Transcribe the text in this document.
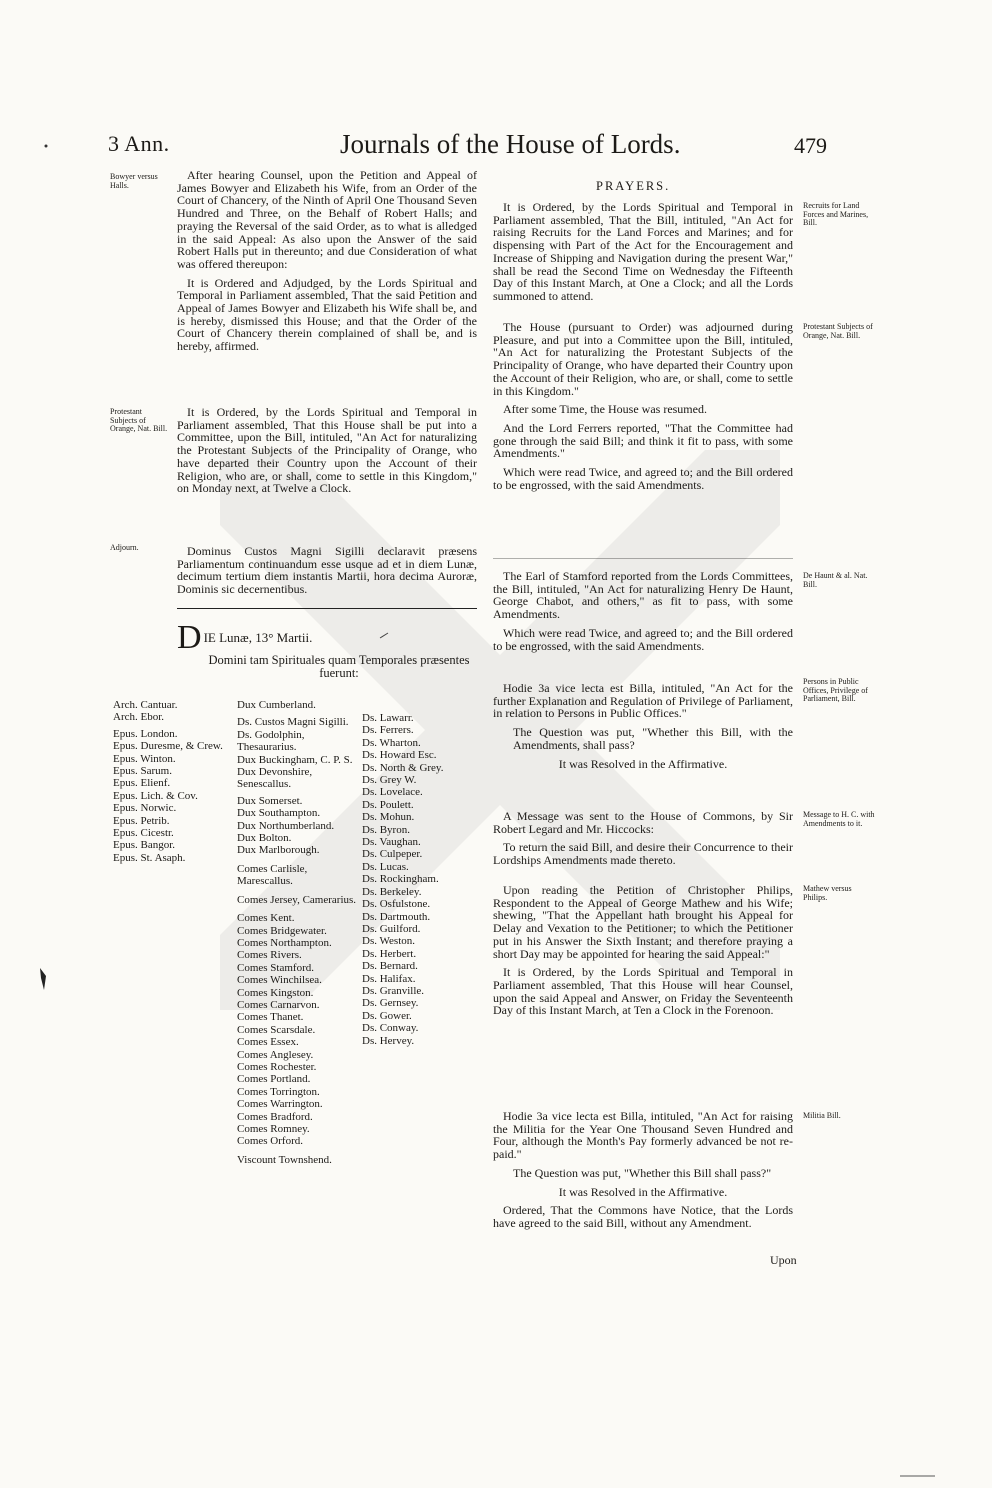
3 Ann.	Journals of the House of Lords.	479
Bowyer versus Halls.

After hearing Counsel, upon the Petition and Appeal of James Bowyer and Elizabeth his Wife, from an Order of the Court of Chancery, of the Ninth of April One Thousand Seven Hundred and Three, on the Behalf of Robert Halls; and praying the Reversal of the said Order, as to what is alledged in the said Appeal: As also upon the Answer of the said Robert Halls put in thereunto; and due Consideration of what was offered thereupon:

It is Ordered and Adjudged, by the Lords Spiritual and Temporal in Parliament assembled, That the said Petition and Appeal of James Bowyer and Elizabeth his Wife shall be, and is hereby, dismissed this House; and that the Order of the Court of Chancery therein complained of shall be, and is hereby, affirmed.

Protestant Subjects of Orange, Nat. Bill.

It is Ordered, by the Lords Spiritual and Temporal in Parliament assembled, That this House shall be put into a Committee, upon the Bill, intituled, "An Act for naturalizing the Protestant Subjects of the Principality of Orange, who have departed their Country upon the Account of their Religion, who are, or shall, come to settle in this Kingdom," on Monday next, at Twelve a Clock.

Adjourn.	Dominus Custos Magni Sigilli declaravit præsens Parliamentum continuandum esse usque ad et in diem Lunæ, decimum tertium diem instantis Martii, hora decima Auroræ, Dominis sic decernentibus.

DIE Lunæ, 13° Martii.
Domini tam Spirituales quam Temporales præsentes fuerunt:
Arch. Cantuar.
Arch. Ebor.
Epus. London.
Epus. Duresme, & Crew.
Epus. Winton.
Epus. Sarum.
Epus. Elienf.
Epus. Lich. & Cov.
Epus. Norwic.
Epus. Petrib.
Epus. Cicestr.
Epus. Bangor.
Epus. St. Asaph.
Dux Cumberland.
Ds. Custos Magni Sigilli.
Ds. Godolphin, Thesaurarius.
Dux Buckingham, C. P. S.
Dux Devonshire, Senescallus.
Dux Somerset.
Dux Southampton.
Dux Northumberland.
Dux Bolton.
Dux Marlborough.
Comes Carlisle, Marescallus.
Comes Jersey, Camerarius.
Comes Kent.
Comes Bridgewater.
Comes Northampton.
Comes Rivers.
Comes Stamford.
Comes Winchilsea.
Comes Kingston.
Comes Carnarvon.
Comes Thanet.
Comes Scarsdale.
Comes Essex.
Comes Anglesey.
Comes Rochester.
Comes Portland.
Comes Torrington.
Comes Warrington.
Comes Bradford.
Comes Romney.
Comes Orford.
Viscount Townshend.
Ds. Lawarr.
Ds. Ferrers.
Ds. Wharton.
Ds. Howard Esc.
Ds. North & Grey.
Ds. Grey W.
Ds. Lovelace.
Ds. Poulett.
Ds. Mohun.
Ds. Byron.
Ds. Vaughan.
Ds. Culpeper.
Ds. Lucas.
Ds. Rockingham.
Ds. Berkeley.
Ds. Osfulstone.
Ds. Dartmouth.
Ds. Guilford.
Ds. Weston.
Ds. Herbert.
Ds. Bernard.
Ds. Halifax.
Ds. Granville.
Ds. Gernsey.
Ds. Gower.
Ds. Conway.
Ds. Hervey.
PRAYERS.

It is Ordered, by the Lords Spiritual and Temporal in Parliament assembled, That the Bill, intituled, "An Act for raising Recruits for the Land Forces and Marines; and for dispensing with Part of the Act for the Encouragement and Increase of Shipping and Navigation during the present War," shall be read the Second Time on Wednesday the Fifteenth Day of this Instant March, at One a Clock; and all the Lords summoned to attend.

Recruits for Land Forces and Marines, Bill.

The House (pursuant to Order) was adjourned during Pleasure, and put into a Committee upon the Bill, intituled, "An Act for naturalizing the Protestant Subjects of the Principality of Orange, who have departed their Country upon the Account of their Religion, who are, or shall, come to settle in this Kingdom."

After some Time, the House was resumed.

And the Lord Ferrers reported, "That the Committee had gone through the said Bill; and think it fit to pass, with some Amendments."

Which were read Twice, and agreed to; and the Bill ordered to be engrossed, with the said Amendments.

Protestant Subjects of Orange, Nat. Bill.

The Earl of Stamford reported from the Lords Committees, the Bill, intituled, "An Act for naturalizing Henry De Haunt, George Chabot, and others," as fit to pass, with some Amendments.

Which were read Twice, and agreed to; and the Bill ordered to be engrossed, with the said Amendments.

De Haunt & al. Nat. Bill.

Hodie 3a vice lecta est Billa, intituled, "An Act for the further Explanation and Regulation of Privilege of Parliament, in relation to Persons in Public Offices."

The Question was put, "Whether this Bill, with the Amendments, shall pass?

It was Resolved in the Affirmative.

Persons in Public Offices, Privilege of Parliament, Bill.

A Message was sent to the House of Commons, by Sir Robert Legard and Mr. Hiccocks:

To return the said Bill, and desire their Concurrence to their Lordships Amendments made thereto.

Message to H. C. with Amendments to it.

Upon reading the Petition of Christopher Philips, Respondent to the Appeal of George Mathew and his Wife; shewing, "That the Appellant hath brought his Appeal for Delay and Vexation to the Petitioner; to which the Petitioner put in his Answer the Sixth Instant; and therefore praying a short Day may be appointed for hearing the said Appeal:"

It is Ordered, by the Lords Spiritual and Temporal in Parliament assembled, That this House will hear Counsel, upon the said Appeal and Answer, on Friday the Seventeenth Day of this Instant March, at Ten a Clock in the Forenoon.

Mathew versus Philips.

Hodie 3a vice lecta est Billa, intituled, "An Act for raising the Militia for the Year One Thousand Seven Hundred and Four, although the Month's Pay formerly advanced be not re-paid."

The Question was put, "Whether this Bill shall pass?"

It was Resolved in the Affirmative.

Ordered, That the Commons have Notice, that the Lords have agreed to the said Bill, without any Amendment.

Militia Bill.
Upon
